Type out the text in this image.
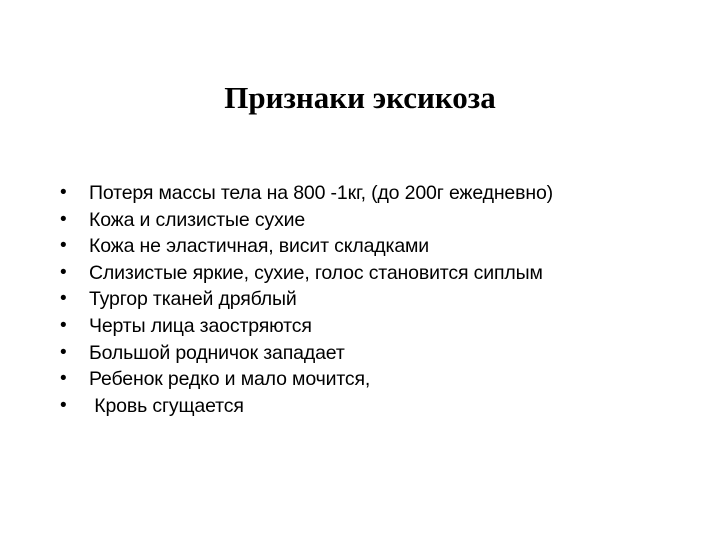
Признаки эксикоза

•

	Потеря массы тела на 800 -1кг, (до 200г ежедневно)

•

	Кожа и слизистые сухие

•

	Кожа не эластичная, висит складками

•

	Слизистые яркие, сухие, голос становится сиплым

•

	Тургор тканей дряблый

•

	Черты лица заостряются

•

	Большой родничок западает

•

	Ребенок редко и мало мочится,

•

	Кровь сгущается
